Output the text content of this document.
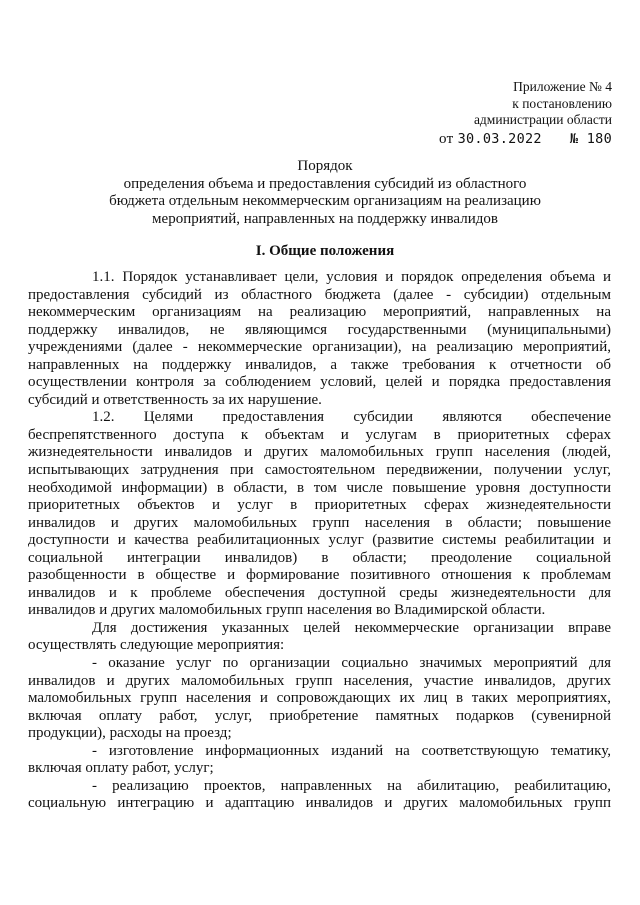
Приложение № 4
к постановлению
администрации области
от 30.03.2022 № 180
Порядок
определения объема и предоставления субсидий из областного
бюджета отдельным некоммерческим организациям на реализацию
мероприятий, направленных на поддержку инвалидов
I. Общие положения
1.1. Порядок устанавливает цели, условия и порядок определения объема и
предоставления субсидий из областного бюджета (далее - субсидии) отдельным
некоммерческим организациям на реализацию мероприятий, направленных на
поддержку инвалидов, не являющимся государственными (муниципальными)
учреждениями (далее - некоммерческие организации), на реализацию мероприятий,
направленных на поддержку инвалидов, а также требования к отчетности об
осуществлении контроля за соблюдением условий, целей и порядка предоставления
субсидий и ответственность за их нарушение.
1.2. Целями предоставления субсидии являются обеспечение
беспрепятственного доступа к объектам и услугам в приоритетных сферах
жизнедеятельности инвалидов и других маломобильных групп населения (людей,
испытывающих затруднения при самостоятельном передвижении, получении услуг,
необходимой информации) в области, в том числе повышение уровня доступности
приоритетных объектов и услуг в приоритетных сферах жизнедеятельности
инвалидов и других маломобильных групп населения в области; повышение
доступности и качества реабилитационных услуг (развитие системы реабилитации и
социальной интеграции инвалидов) в области; преодоление социальной
разобщенности в обществе и формирование позитивного отношения к проблемам
инвалидов и к проблеме обеспечения доступной среды жизнедеятельности для
инвалидов и других маломобильных групп населения во Владимирской области.
Для достижения указанных целей некоммерческие организации вправе
осуществлять следующие мероприятия:
- оказание услуг по организации социально значимых мероприятий для
инвалидов и других маломобильных групп населения, участие инвалидов, других
маломобильных групп населения и сопровождающих их лиц в таких мероприятиях,
включая оплату работ, услуг, приобретение памятных подарков (сувенирной
продукции), расходы на проезд;
- изготовление информационных изданий на соответствующую тематику,
включая оплату работ, услуг;
- реализацию проектов, направленных на абилитацию, реабилитацию,
социальную интеграцию и адаптацию инвалидов и других маломобильных групп
